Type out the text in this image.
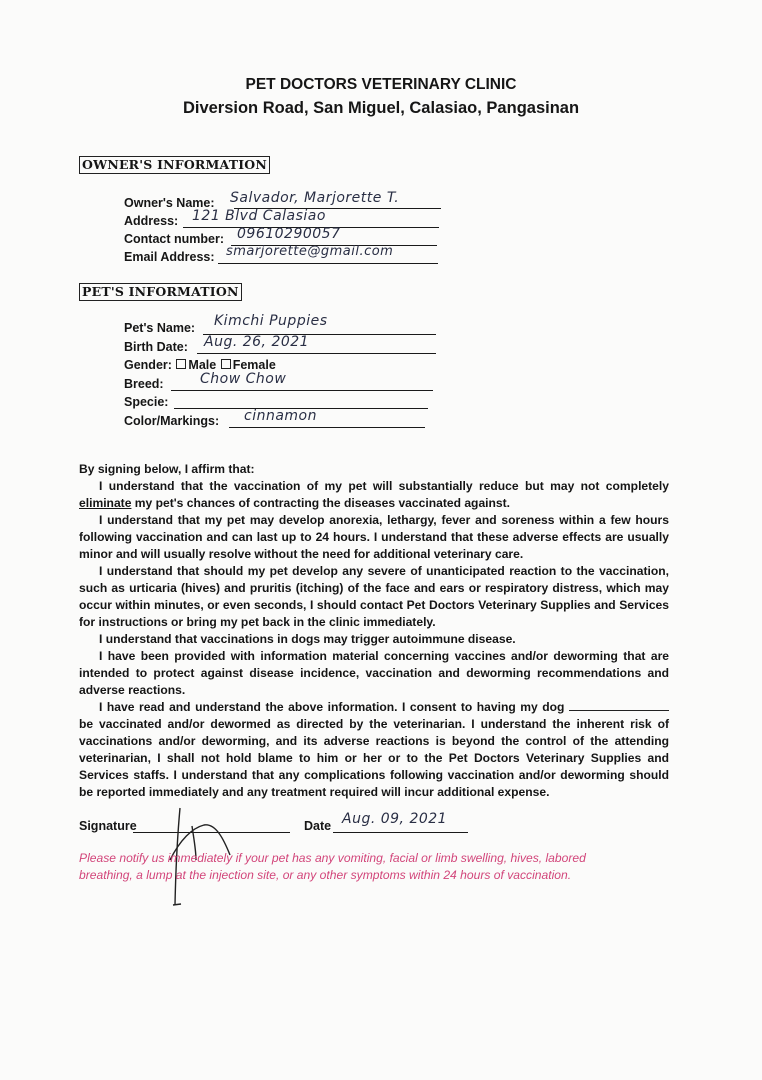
PET DOCTORS VETERINARY CLINIC
Diversion Road, San Miguel, Calasiao, Pangasinan
OWNER'S INFORMATION
Owner's Name: Salvador, Marjorette T.
Address: 121 Blvd Calasiao
Contact number: 09610290057
Email Address: smarjorette@gmail.com
PET'S INFORMATION
Pet's Name: Kimchi Puppies
Birth Date: Aug. 26, 2021
Gender: Male Female
Breed:	Chow Chow
Specie:
Color/Markings: cinnamon
By signing below, I affirm that:
I understand that the vaccination of my pet will substantially reduce but may not completely eliminate my pet's chances of contracting the diseases vaccinated against.
I understand that my pet may develop anorexia, lethargy, fever and soreness within a few hours following vaccination and can last up to 24 hours. I understand that these adverse effects are usually minor and will usually resolve without the need for additional veterinary care.
I understand that should my pet develop any severe of unanticipated reaction to the vaccination, such as urticaria (hives) and pruritis (itching) of the face and ears or respiratory distress, which may occur within minutes, or even seconds, I should contact Pet Doctors Veterinary Supplies and Services for instructions or bring my pet back in the clinic immediately.
I understand that vaccinations in dogs may trigger autoimmune disease.
I have been provided with information material concerning vaccines and/or deworming that are intended to protect against disease incidence, vaccination and deworming recommendations and adverse reactions.
I have read and understand the above information. I consent to having my dog  be vaccinated and/or dewormed as directed by the veterinarian. I understand the inherent risk of vaccinations and/or deworming, and its adverse reactions is beyond the control of the attending veterinarian, I shall not hold blame to him or her or to the Pet Doctors Veterinary Supplies and Services staffs. I understand that any complications following vaccination and/or deworming should be reported immediately and any treatment required will incur additional expense.
Signature	Date Aug. 09, 2021
Please notify us immediately if your pet has any vomiting, facial or limb swelling, hives, labored breathing, a lump at the injection site, or any other symptoms within 24 hours of vaccination.
